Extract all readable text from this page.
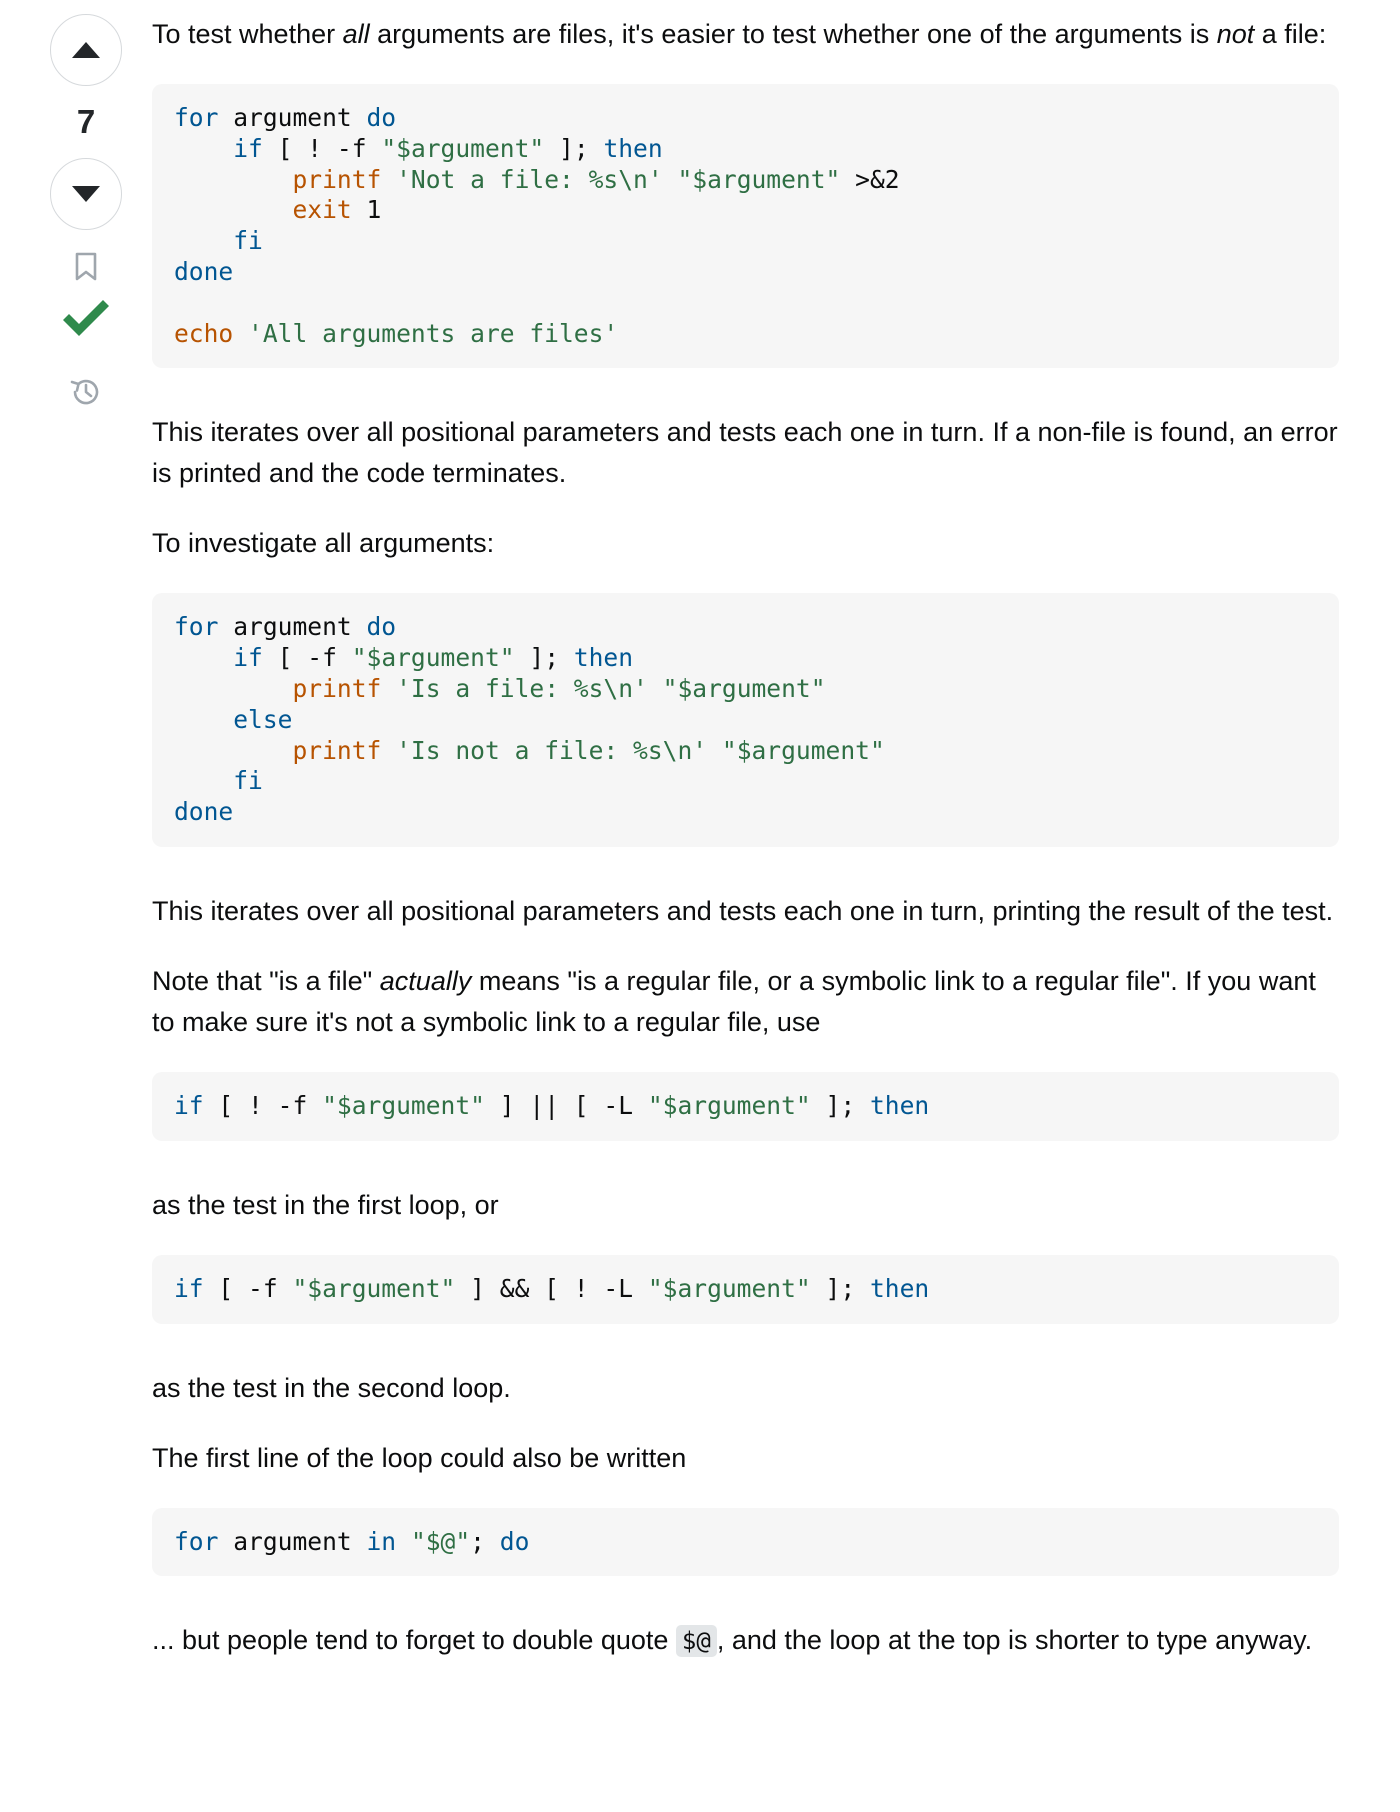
7

To test whether all arguments are files, it's easier to test whether one of the arguments is not a file:

for argument do
if [ ! -f "$argument" ]; then
printf 'Not a file: %s\n' "$argument" >&2
exit 1
fi
done
echo 'All arguments are files'

This iterates over all positional parameters and tests each one in turn. If a non-file is found, an error is printed and the code terminates.

To investigate all arguments:

for argument do
if [ -f "$argument" ]; then
printf 'Is a file: %s\n' "$argument"
else
printf 'Is not a file: %s\n' "$argument"
fi
done

This iterates over all positional parameters and tests each one in turn, printing the result of the test.

Note that "is a file" actually means "is a regular file, or a symbolic link to a regular file". If you want to make sure it's not a symbolic link to a regular file, use

if [ ! -f "$argument" ] || [ -L "$argument" ]; then

as the test in the first loop, or

if [ -f "$argument" ] && [ ! -L "$argument" ]; then

as the test in the second loop.

The first line of the loop could also be written

for argument in "$@"; do

... but people tend to forget to double quote $@ , and the loop at the top is shorter to type anyway.
